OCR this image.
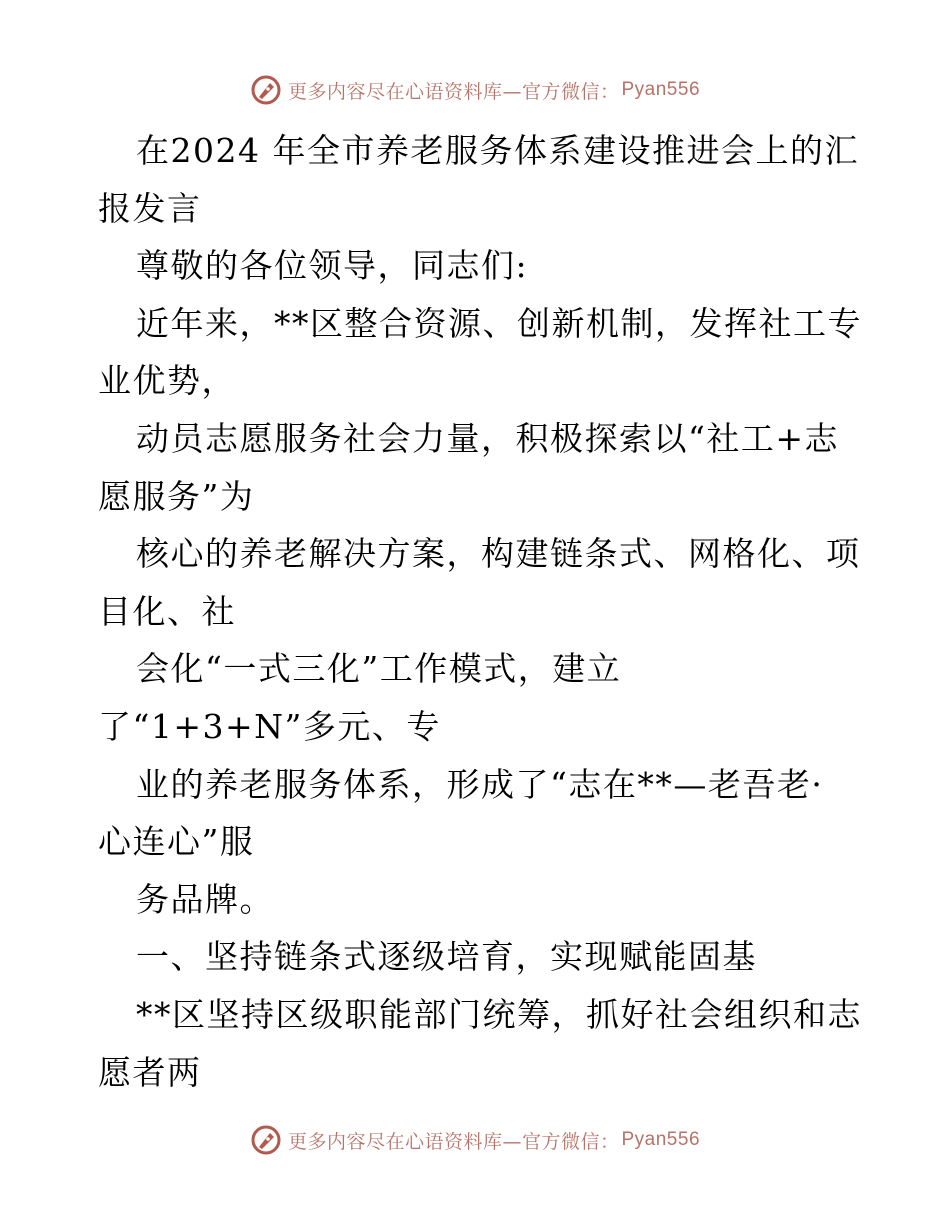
更多内容尽在心语资料库—官方微信： Pyan556
在2024 年全市养老服务体系建设推进会上的汇
报发言
尊敬的各位领导，同志们:
近年来，**区整合资源、创新机制，发挥社工专
业优势，
动员志愿服务社会力量，积极探索以“社工+志
愿服务”为
核心的养老解决方案，构建链条式、网格化、项
目化、社
会化“一式三化”工作模式，建立
了“1+3+N”多元、专
业的养老服务体系，形成了“志在**—老吾老·
心连心”服
务品牌。
一、坚持链条式逐级培育，实现赋能固基
**区坚持区级职能部门统筹，抓好社会组织和志
愿者两
更多内容尽在心语资料库—官方微信： Pyan556
